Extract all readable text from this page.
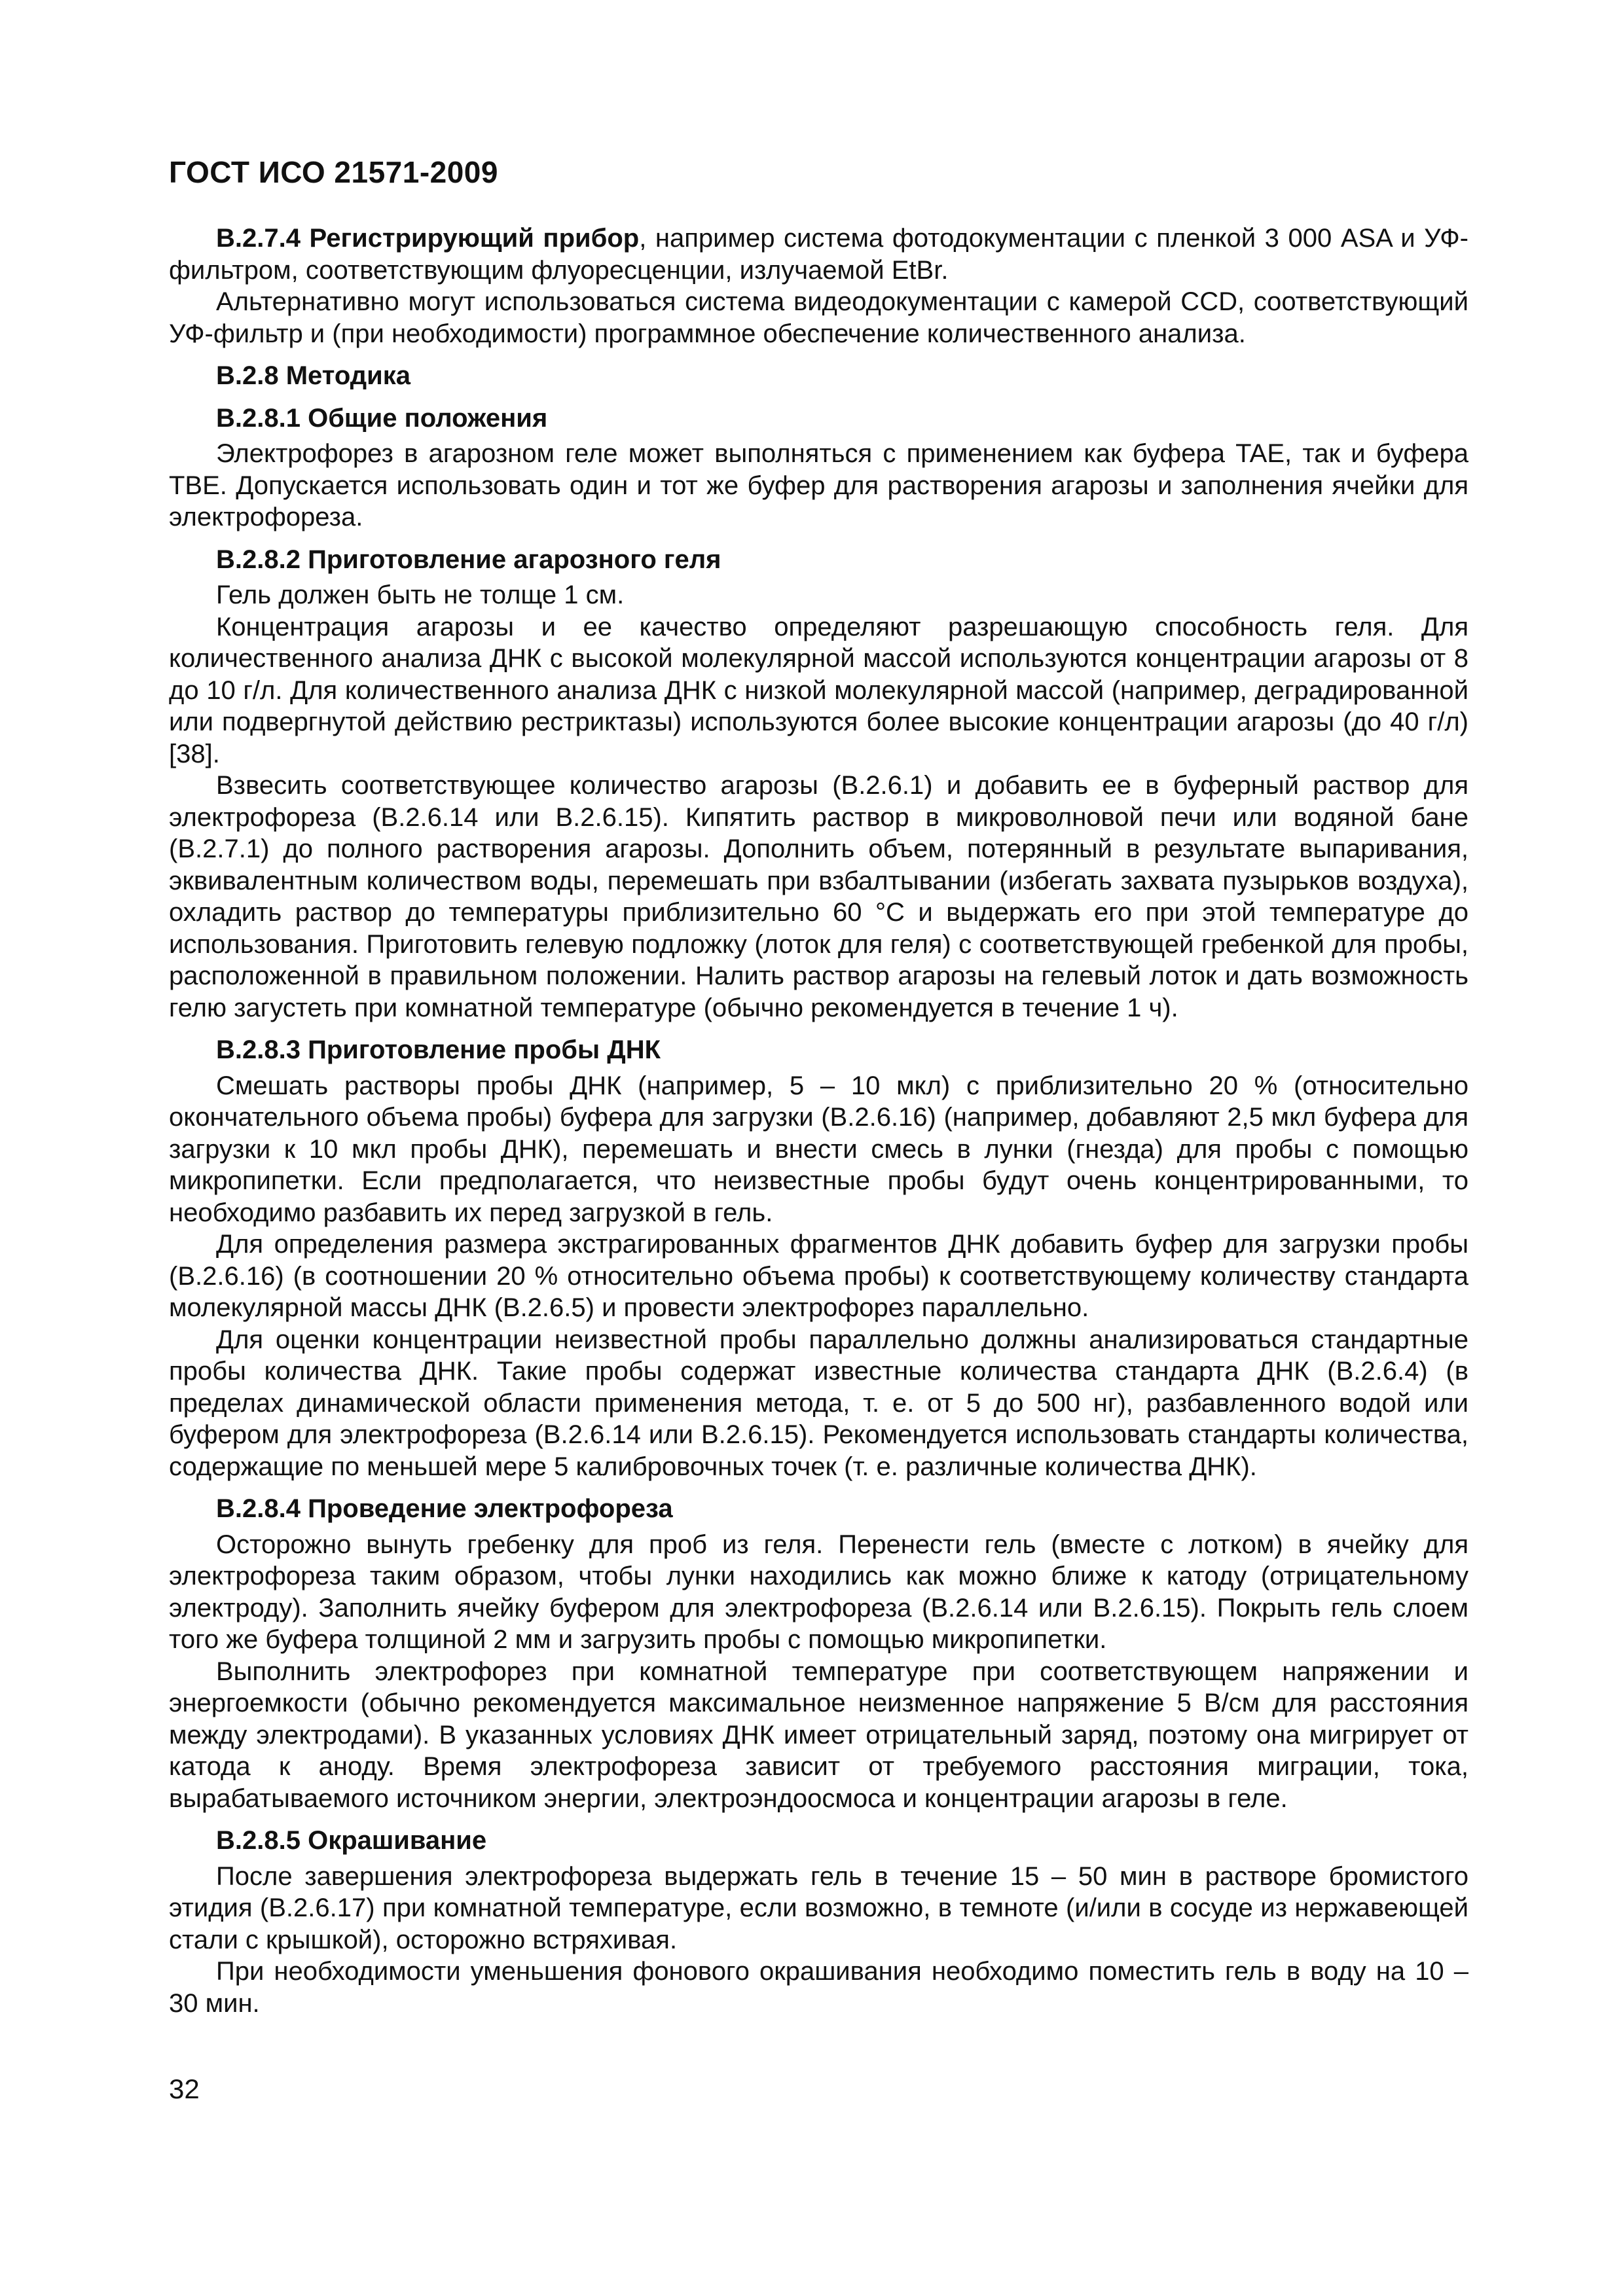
ГОСТ ИСО 21571-2009

В.2.7.4 Регистрирующий прибор, например система фотодокументации с пленкой 3 000 ASA и УФ-фильтром, соответствующим флуоресценции, излучаемой EtBr.

Альтернативно могут использоваться система видеодокументации с камерой CCD, соответствующий УФ-фильтр и (при необходимости) программное обеспечение количественного анализа.

В.2.8 Методика

В.2.8.1 Общие положения

Электрофорез в агарозном геле может выполняться с применением как буфера TAE, так и буфера TBE. Допускается использовать один и тот же буфер для растворения агарозы и заполнения ячейки для электрофореза.

В.2.8.2 Приготовление агарозного геля

Гель должен быть не толще 1 см.

Концентрация агарозы и ее качество определяют разрешающую способность геля. Для количественного анализа ДНК с высокой молекулярной массой используются концентрации агарозы от 8 до 10 г/л. Для количественного анализа ДНК с низкой молекулярной массой (например, деградированной или подвергнутой действию рестриктазы) используются более высокие концентрации агарозы (до 40 г/л) [38].

Взвесить соответствующее количество агарозы (В.2.6.1) и добавить ее в буферный раствор для электрофореза (В.2.6.14 или В.2.6.15). Кипятить раствор в микроволновой печи или водяной бане (В.2.7.1) до полного растворения агарозы. Дополнить объем, потерянный в результате выпаривания, эквивалентным количеством воды, перемешать при взбалтывании (избегать захвата пузырьков воздуха), охладить раствор до температуры приблизительно 60 °С и выдержать его при этой температуре до использования. Приготовить гелевую подложку (лоток для геля) с соответствующей гребенкой для пробы, расположенной в правильном положении. Налить раствор агарозы на гелевый лоток и дать возможность гелю загустеть при комнатной температуре (обычно рекомендуется в течение 1 ч).

В.2.8.3 Приготовление пробы ДНК

Смешать растворы пробы ДНК (например, 5 – 10 мкл) с приблизительно 20 % (относительно окончательного объема пробы) буфера для загрузки (В.2.6.16) (например, добавляют 2,5 мкл буфера для загрузки к 10 мкл пробы ДНК), перемешать и внести смесь в лунки (гнезда) для пробы с помощью микропипетки. Если предполагается, что неизвестные пробы будут очень концентрированными, то необходимо разбавить их перед загрузкой в гель.

Для определения размера экстрагированных фрагментов ДНК добавить буфер для загрузки пробы (В.2.6.16) (в соотношении 20 % относительно объема пробы) к соответствующему количеству стандарта молекулярной массы ДНК (В.2.6.5) и провести электрофорез параллельно.

Для оценки концентрации неизвестной пробы параллельно должны анализироваться стандартные пробы количества ДНК. Такие пробы содержат известные количества стандарта ДНК (В.2.6.4) (в пределах динамической области применения метода, т. е. от 5 до 500 нг), разбавленного водой или буфером для электрофореза (В.2.6.14 или В.2.6.15). Рекомендуется использовать стандарты количества, содержащие по меньшей мере 5 калибровочных точек (т. е. различные количества ДНК).

В.2.8.4 Проведение электрофореза

Осторожно вынуть гребенку для проб из геля. Перенести гель (вместе с лотком) в ячейку для электрофореза таким образом, чтобы лунки находились как можно ближе к катоду (отрицательному электроду). Заполнить ячейку буфером для электрофореза (В.2.6.14 или В.2.6.15). Покрыть гель слоем того же буфера толщиной 2 мм и загрузить пробы с помощью микропипетки.

Выполнить электрофорез при комнатной температуре при соответствующем напряжении и энергоемкости (обычно рекомендуется максимальное неизменное напряжение 5 В/см для расстояния между электродами). В указанных условиях ДНК имеет отрицательный заряд, поэтому она мигрирует от катода к аноду. Время электрофореза зависит от требуемого расстояния миграции, тока, вырабатываемого источником энергии, электроэндоосмоса и концентрации агарозы в геле.

В.2.8.5 Окрашивание

После завершения электрофореза выдержать гель в течение 15 – 50 мин в растворе бромистого этидия (В.2.6.17) при комнатной температуре, если возможно, в темноте (и/или в сосуде из нержавеющей стали с крышкой), осторожно встряхивая.

При необходимости уменьшения фонового окрашивания необходимо поместить гель в воду на 10 – 30 мин.

32
